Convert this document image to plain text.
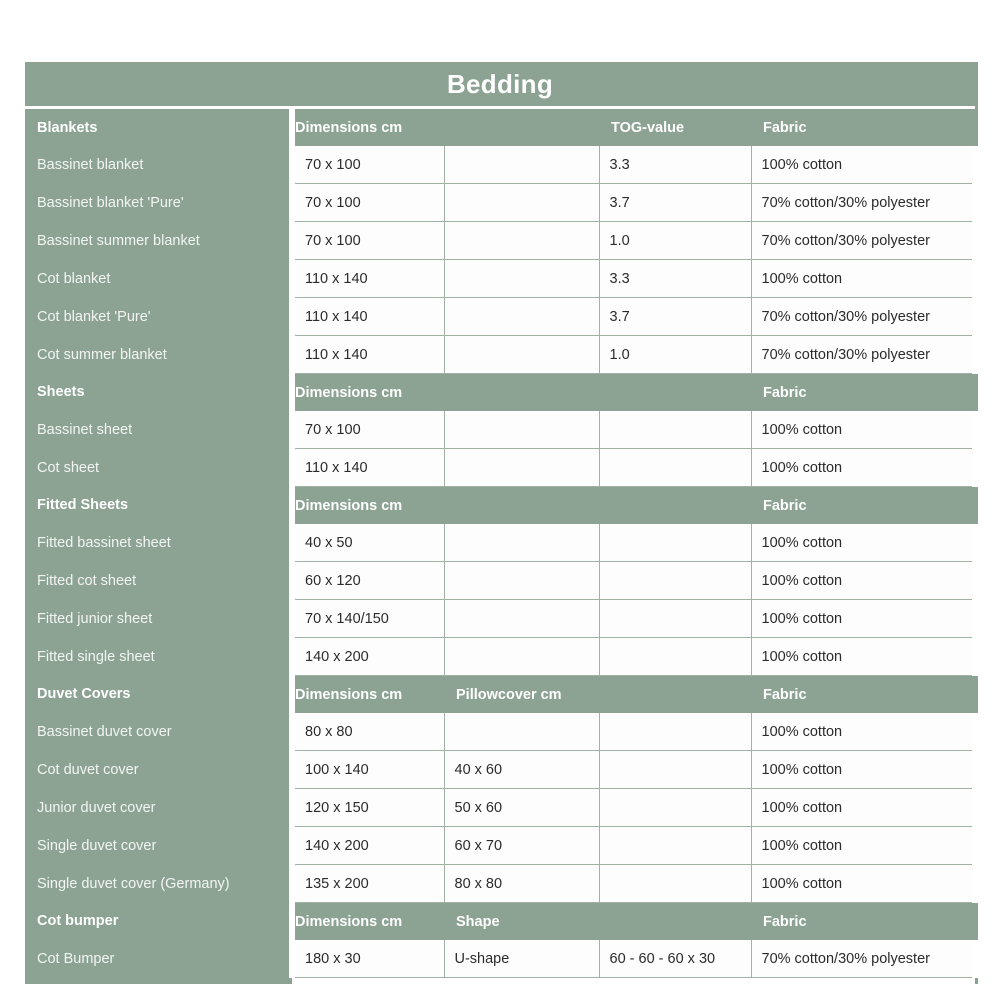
Bedding				
Blankets	Dimensions cm		TOG-value	Fabric
Bassinet blanket	70 x 100		3.3	100% cotton
Bassinet blanket 'Pure'	70 x 100		3.7	70% cotton/30% polyester
Bassinet summer blanket	70 x 100		1.0	70% cotton/30% polyester
Cot blanket	110 x 140		3.3	100% cotton
Cot blanket 'Pure'	110 x 140		3.7	70% cotton/30% polyester
Cot summer blanket	110 x 140		1.0	70% cotton/30% polyester
Sheets	Dimensions cm			Fabric
Bassinet sheet	70 x 100			100% cotton
Cot sheet	110 x 140			100% cotton
Fitted Sheets	Dimensions cm			Fabric
Fitted bassinet sheet	40 x 50			100% cotton
Fitted cot sheet	60 x 120			100% cotton
Fitted junior sheet	70 x 140/150			100% cotton
Fitted single sheet	140 x 200			100% cotton
Duvet Covers	Dimensions cm	Pillowcover cm		Fabric
Bassinet duvet cover	80 x 80			100% cotton
Cot duvet cover	100 x 140	40 x 60		100% cotton
Junior duvet cover	120 x 150	50 x 60		100% cotton
Single duvet cover	140 x 200	60 x 70		100% cotton
Single duvet cover (Germany)	135 x 200	80 x 80		100% cotton
Cot bumper	Dimensions cm	Shape		Fabric
Cot Bumper	180 x 30	U-shape	60 - 60 - 60 x 30	70% cotton/30% polyester
